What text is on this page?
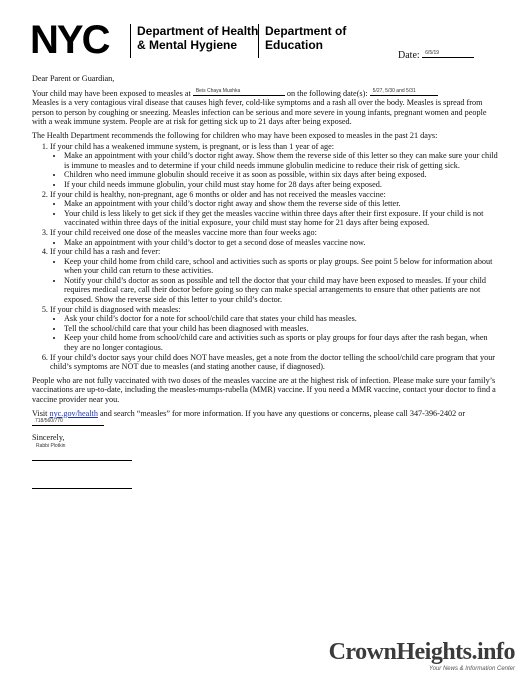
NYC Department of Health
& Mental Hygiene
Department of
Education
Date: 6/5/19

Dear Parent or Guardian,

Your child may have been exposed to measles at Beis Chaya Mushka	on the following date(s): 5/27, 5/30 and 5/31

Measles is a very contagious viral disease that causes high fever, cold-like symptoms and a rash all over the body. Measles is spread from person to person by coughing or sneezing. Measles infection can be serious and more severe in young infants, pregnant women and people with a weak immune system. People are at risk for getting sick up to 21 days after being exposed.

The Health Department recommends the following for children who may have been exposed to measles in the past 21 days:

1. If your child has a weakened immune system, is pregnant, or is less than 1 year of age:
• Make an appointment with your child’s doctor right away. Show them the reverse side of this letter so they can make sure your child is immune to measles and to determine if your child needs immune globulin medicine to reduce their risk of getting sick.
• Children who need immune globulin should receive it as soon as possible, within six days after being exposed.
• If your child needs immune globulin, your child must stay home for 28 days after being exposed.
2. If your child is healthy, non-pregnant, age 6 months or older and has not received the measles vaccine:
• Make an appointment with your child’s doctor right away and show them the reverse side of this letter.
• Your child is less likely to get sick if they get the measles vaccine within three days after their first exposure. If your child is not vaccinated within three days of the initial exposure, your child must stay home for 21 days after being exposed.
3. If your child received one dose of the measles vaccine more than four weeks ago:
• Make an appointment with your child’s doctor to get a second dose of measles vaccine now.
4. If your child has a rash and fever:
• Keep your child home from child care, school and activities such as sports or play groups. See point 5 below for information about when your child can return to these activities.
• Notify your child’s doctor as soon as possible and tell the doctor that your child may have been exposed to measles. If your child requires medical care, call their doctor before going so they can make special arrangements to ensure that other patients are not exposed. Show the reverse side of this letter to your child’s doctor.
5. If your child is diagnosed with measles:
• Ask your child’s doctor for a note for school/child care that states your child has measles.
• Tell the school/child care that your child has been diagnosed with measles.
• Keep your child home from school/child care and activities such as sports or play groups for four days after the rash began, when they are no longer contagious.
6. If your child’s doctor says your child does NOT have measles, get a note from the doctor telling the school/child care program that your child’s symptoms are NOT due to measles (and stating another cause, if diagnosed).

People who are not fully vaccinated with two doses of the measles vaccine are at the highest risk of infection. Please make sure your family’s vaccinations are up-to-date, including the measles-mumps-rubella (MMR) vaccine. If you need a MMR vaccine, contact your doctor to find a vaccine provider near you.

Visit nyc.gov/health and search “measles” for more information. If you have any questions or concerns, please call 347-396-2402 or 718/560/770

Sincerely,
Rabbi Plotkin
CrownHeights.info
Your News & Information Center
